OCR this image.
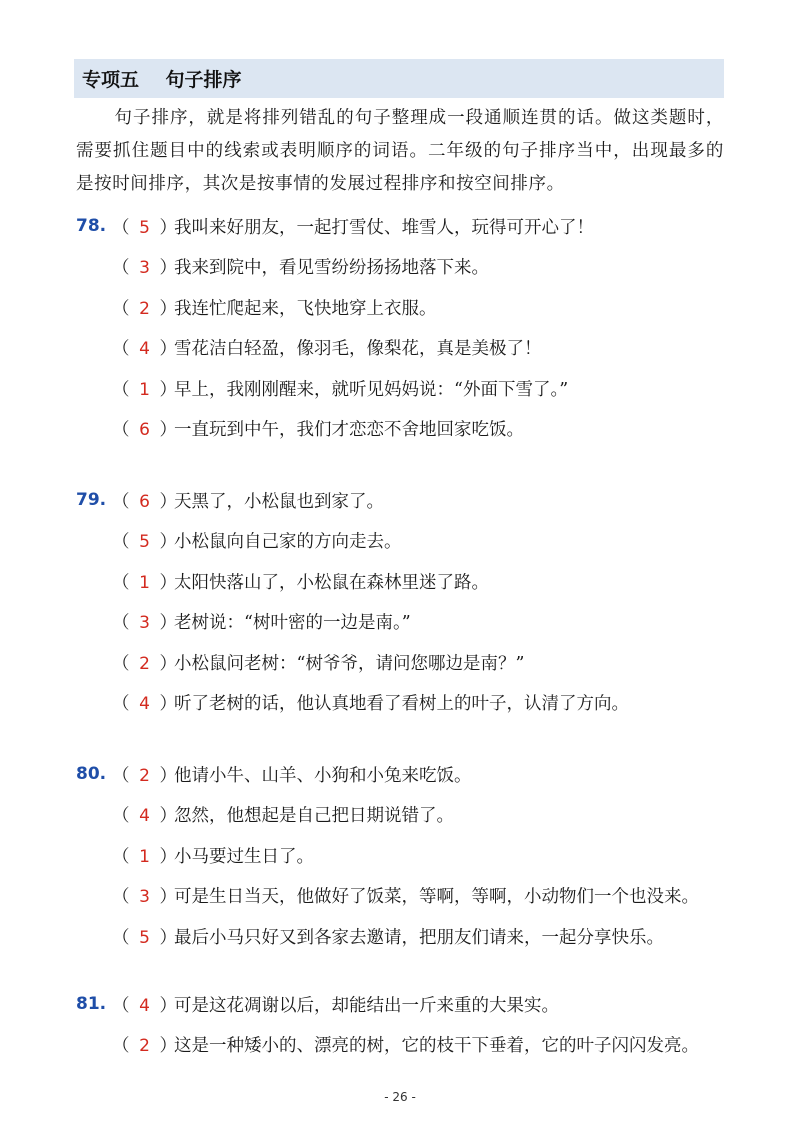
专项五    句子排序

句子排序，就是将排列错乱的句子整理成一段通顺连贯的话。做这类题时，需要抓住题目中的线索或表明顺序的词语。二年级的句子排序当中，出现最多的是按时间排序，其次是按事情的发展过程排序和按空间排序。

78. （ 5 ）
我叫来好朋友，一起打雪仗、堆雪人，玩得可开心了！
（ 3 ）
我来到院中，看见雪纷纷扬扬地落下来。
（ 2 ）
我连忙爬起来，飞快地穿上衣服。
（ 4 ）
雪花洁白轻盈，像羽毛，像梨花，真是美极了！
（ 1 ）
早上，我刚刚醒来，就听见妈妈说：“外面下雪了。”
（ 6 ）
一直玩到中午，我们才恋恋不舍地回家吃饭。
79. （ 6 ）
天黑了，小松鼠也到家了。
（ 5 ）
小松鼠向自己家的方向走去。
（ 1 ）
太阳快落山了，小松鼠在森林里迷了路。
（ 3 ）
老树说：“树叶密的一边是南。”
（ 2 ）
小松鼠问老树：“树爷爷，请问您哪边是南？”
（ 4 ）
听了老树的话，他认真地看了看树上的叶子，认清了方向。
80. （ 2 ）
他请小牛、山羊、小狗和小兔来吃饭。
（ 4 ）
忽然，他想起是自己把日期说错了。
（ 1 ）
小马要过生日了。
（ 3 ）
可是生日当天，他做好了饭菜，等啊，等啊，小动物们一个也没来。
（ 5 ）
最后小马只好又到各家去邀请，把朋友们请来，一起分享快乐。
81. （ 4 ）
可是这花凋谢以后，却能结出一斤来重的大果实。
（ 2 ）
这是一种矮小的、漂亮的树，它的枝干下垂着，它的叶子闪闪发亮。
- 26 -
